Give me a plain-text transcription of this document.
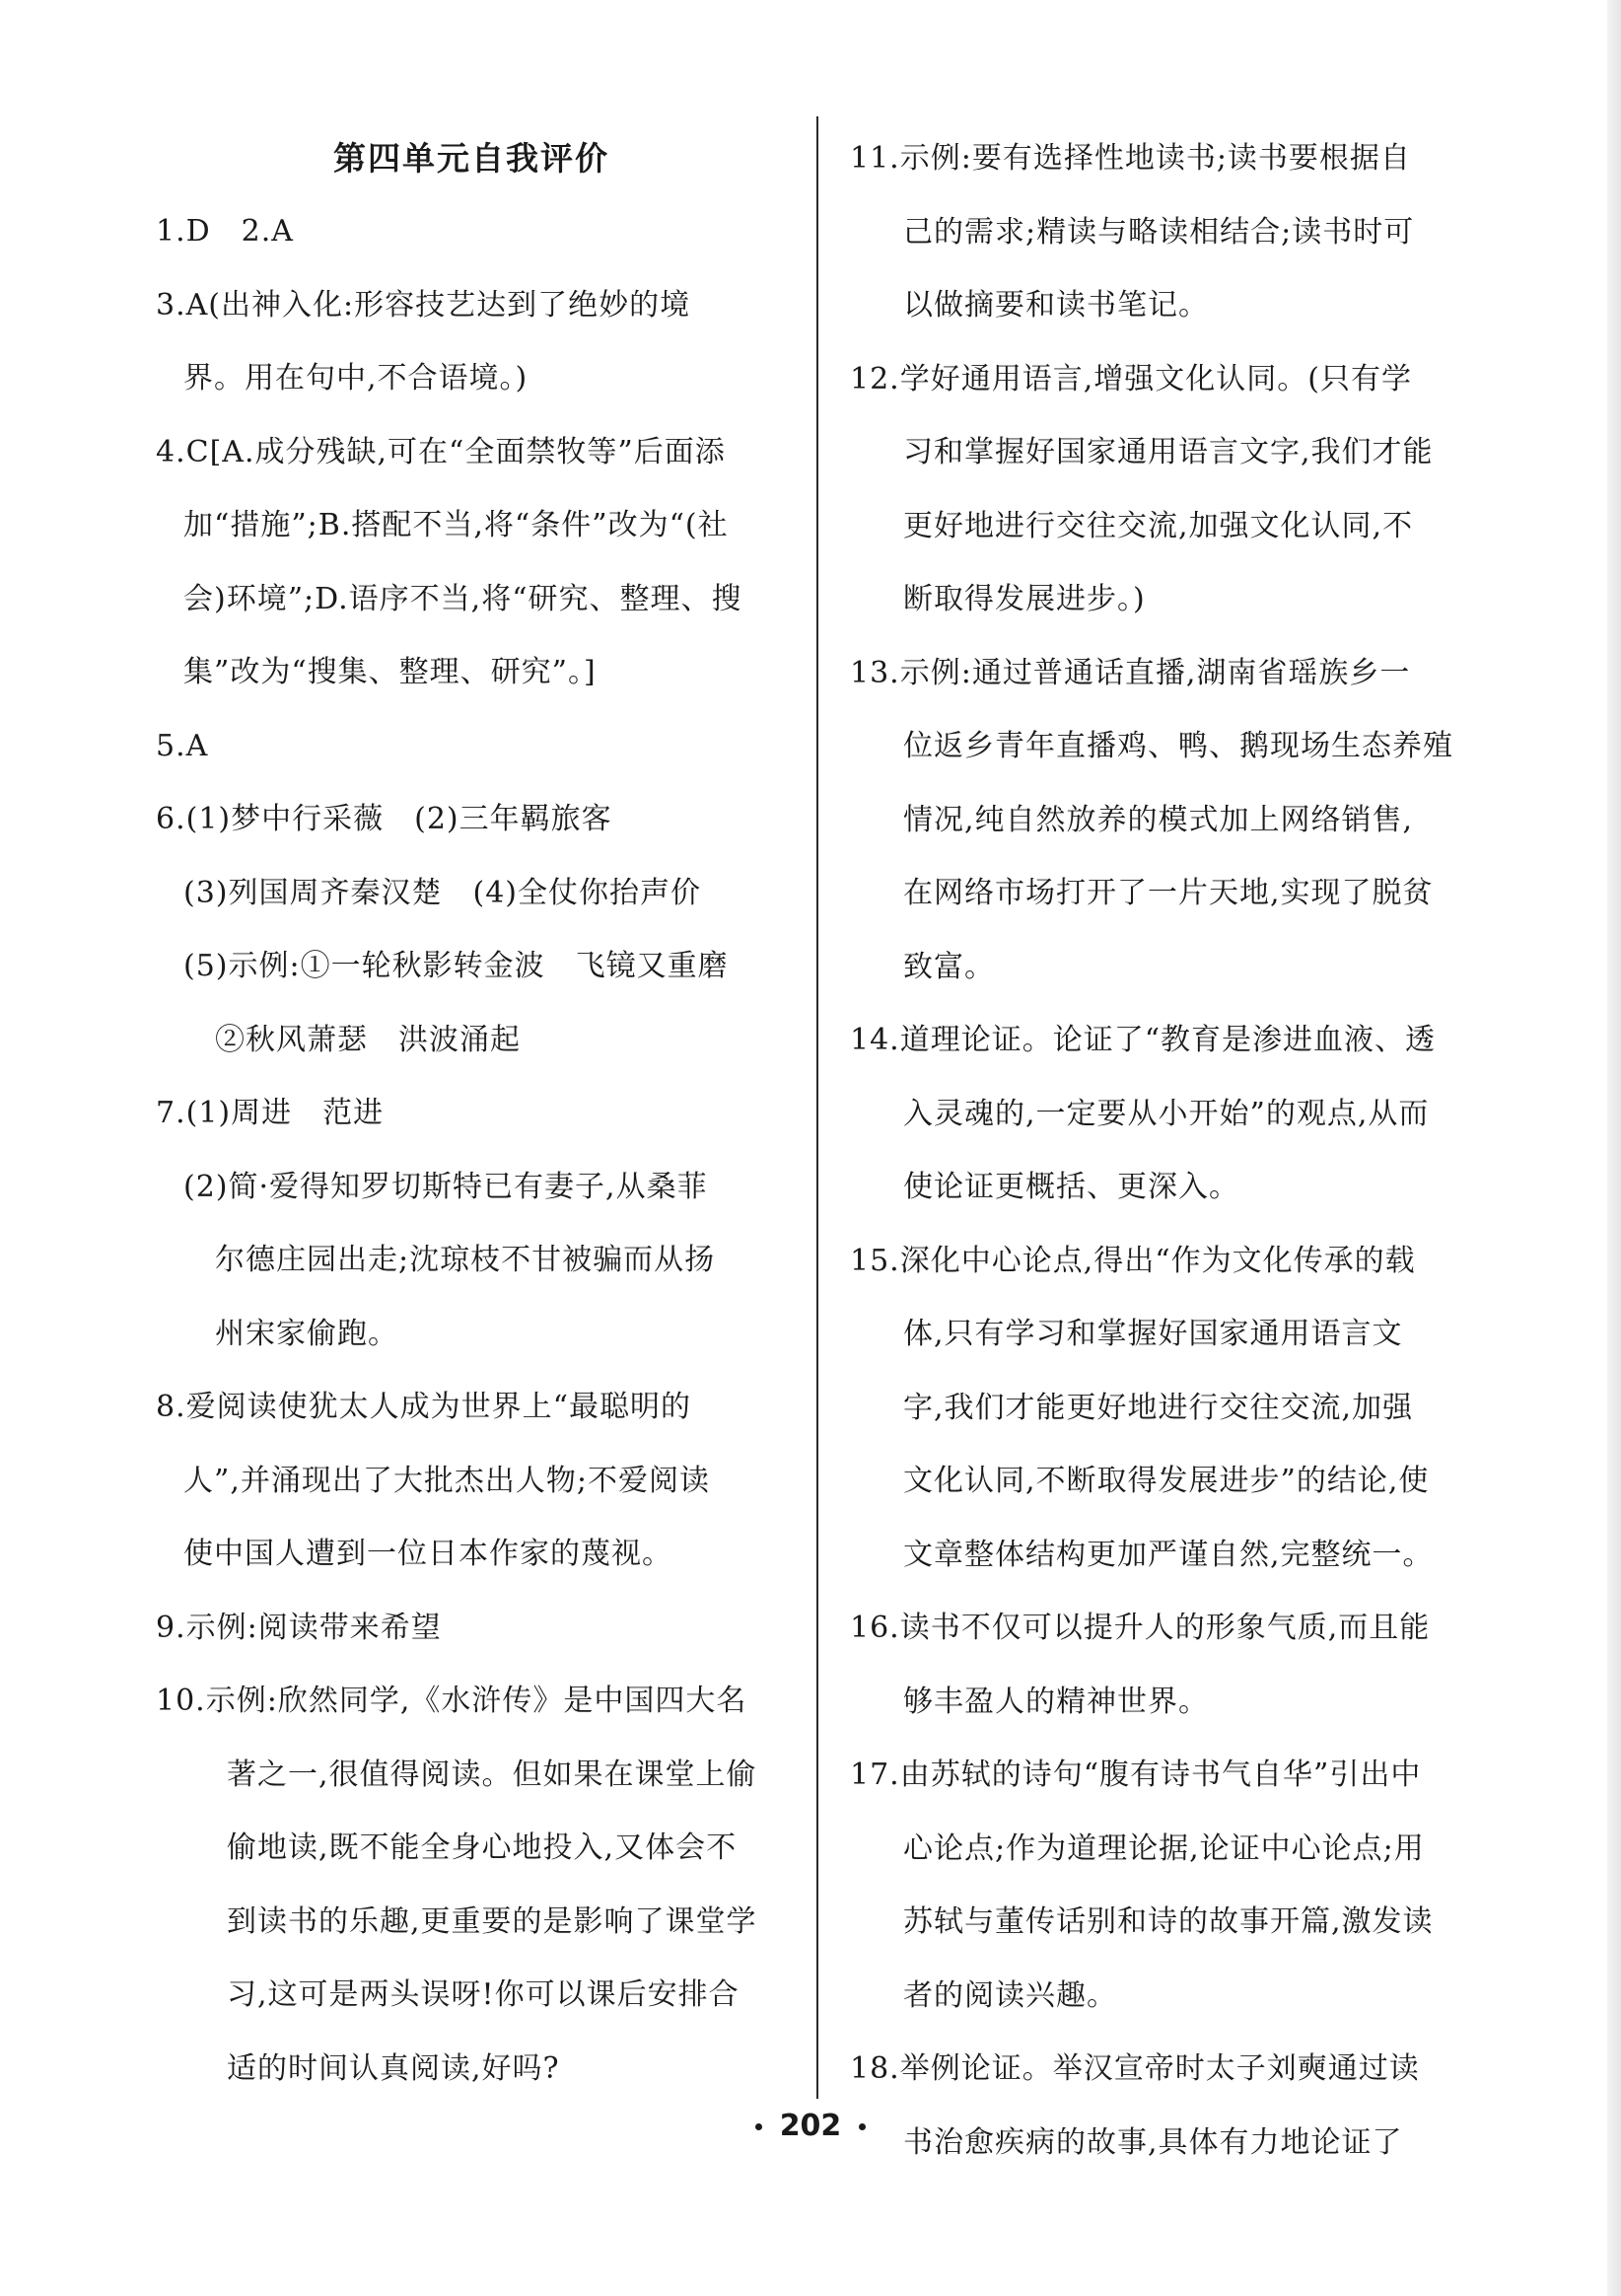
第四单元自我评价
1.D　2.A
3.A(出神入化:形容技艺达到了绝妙的境
界。用在句中,不合语境。)
4.C[A.成分残缺,可在“全面禁牧等”后面添
加“措施”;B.搭配不当,将“条件”改为“(社
会)环境”;D.语序不当,将“研究、整理、搜
集”改为“搜集、整理、研究”。]
5.A
6.(1)梦中行采薇　(2)三年羁旅客
(3)列国周齐秦汉楚　(4)全仗你抬声价
(5)示例:①一轮秋影转金波　飞镜又重磨
②秋风萧瑟　洪波涌起
7.(1)周进　范进
(2)简·爱得知罗切斯特已有妻子,从桑菲
尔德庄园出走;沈琼枝不甘被骗而从扬
州宋家偷跑。
8.爱阅读使犹太人成为世界上“最聪明的
人”,并涌现出了大批杰出人物;不爱阅读
使中国人遭到一位日本作家的蔑视。
9.示例:阅读带来希望
10.示例:欣然同学,《水浒传》是中国四大名
著之一,很值得阅读。但如果在课堂上偷
偷地读,既不能全身心地投入,又体会不
到读书的乐趣,更重要的是影响了课堂学
习,这可是两头误呀!你可以课后安排合
适的时间认真阅读,好吗?
11.示例:要有选择性地读书;读书要根据自
己的需求;精读与略读相结合;读书时可
以做摘要和读书笔记。
12.学好通用语言,增强文化认同。(只有学
习和掌握好国家通用语言文字,我们才能
更好地进行交往交流,加强文化认同,不
断取得发展进步。)
13.示例:通过普通话直播,湖南省瑶族乡一
位返乡青年直播鸡、鸭、鹅现场生态养殖
情况,纯自然放养的模式加上网络销售,
在网络市场打开了一片天地,实现了脱贫
致富。
14.道理论证。论证了“教育是渗进血液、透
入灵魂的,一定要从小开始”的观点,从而
使论证更概括、更深入。
15.深化中心论点,得出“作为文化传承的载
体,只有学习和掌握好国家通用语言文
字,我们才能更好地进行交往交流,加强
文化认同,不断取得发展进步”的结论,使
文章整体结构更加严谨自然,完整统一。
16.读书不仅可以提升人的形象气质,而且能
够丰盈人的精神世界。
17.由苏轼的诗句“腹有诗书气自华”引出中
心论点;作为道理论据,论证中心论点;用
苏轼与董传话别和诗的故事开篇,激发读
者的阅读兴趣。
18.举例论证。举汉宣帝时太子刘奭通过读
书治愈疾病的故事,具体有力地论证了
202
